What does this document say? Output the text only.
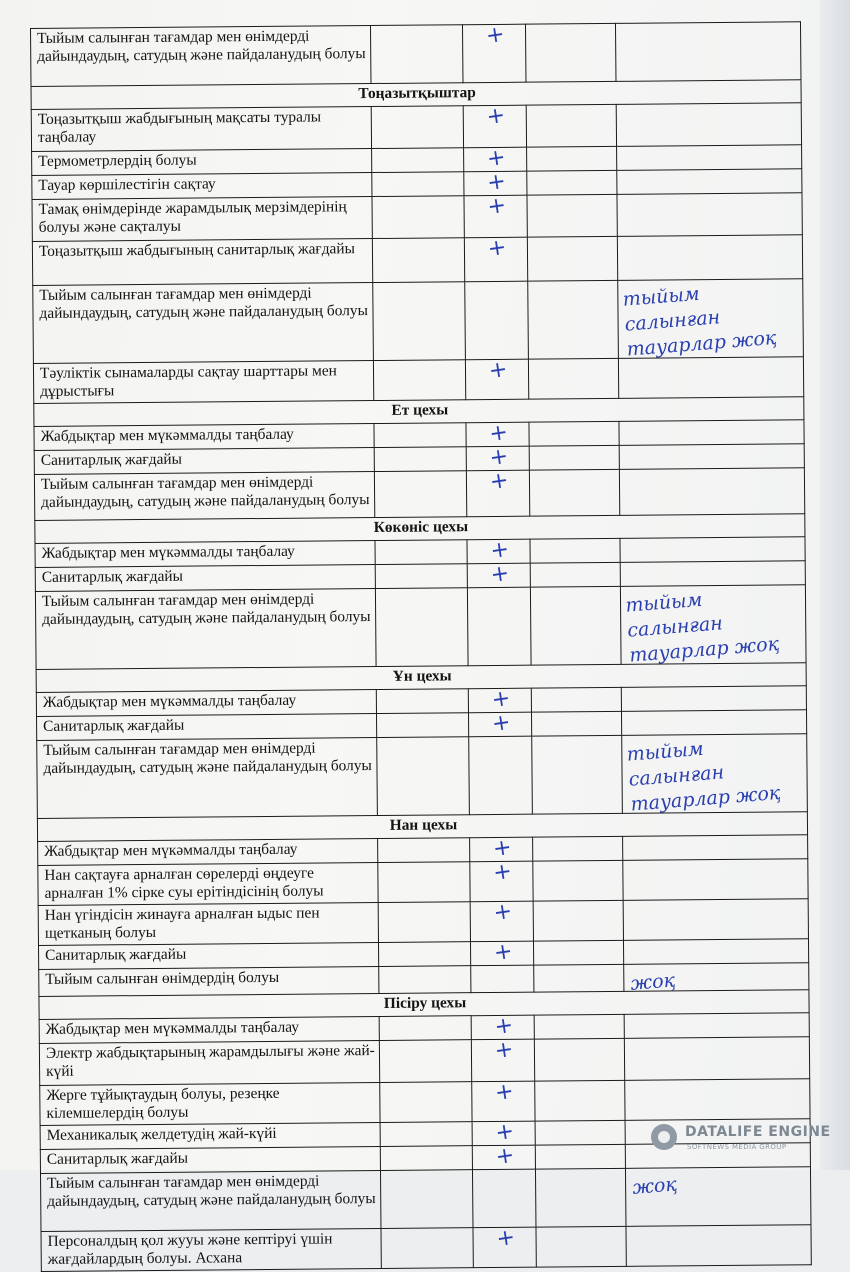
Тыйым салынған тағамдар мен өнімдерді дайындаудың, сатудың және пайдаланудың болуы		+		

Тоңазытқыштар				
Тоңазытқыш жабдығының мақсаты туралы таңбалау		+		

Термометрлердің болуы		+		

Тауар көршілестігін сақтау		+		

Тамақ өнімдерінде жарамдылық мерзімдерінің болуы және сақталуы		+		

Тоңазытқыш жабдығының санитарлық жағдайы		+		

Тыйым салынған тағамдар мен өнімдерді дайындаудың, сатудың және пайдаланудың болуы				тыйым салынған тауарлар жоқ

Тәуліктік сынамаларды сақтау шарттары мен дұрыстығы		+		

Ет цехы				
Жабдықтар мен мүкәммалды таңбалау		+		

Санитарлық жағдайы		+		

Тыйым салынған тағамдар мен өнімдерді дайындаудың, сатудың және пайдаланудың болуы		+		

Көкөніс цехы				
Жабдықтар мен мүкәммалды таңбалау		+		

Санитарлық жағдайы		+		

Тыйым салынған тағамдар мен өнімдерді дайындаудың, сатудың және пайдаланудың болуы				тыйым салынған тауарлар жоқ

Ұн цехы				
Жабдықтар мен мүкәммалды таңбалау		+		

Санитарлық жағдайы		+		

Тыйым салынған тағамдар мен өнімдерді дайындаудың, сатудың және пайдаланудың болуы				тыйым салынған тауарлар жоқ

Нан цехы				
Жабдықтар мен мүкәммалды таңбалау		+		

Нан сақтауға арналған сөрелерді өңдеуге арналған 1% сірке суы ерітіндісінің болуы		+		

Нан үгіндісін жинауға арналған ыдыс пен щетканың болуы		+		

Санитарлық жағдайы		+		

Тыйым салынған өнімдердің болуы				жоқ

Пісіру цехы				
Жабдықтар мен мүкәммалды таңбалау		+		

Электр жабдықтарының жарамдылығы және жай-күйі		+		

Жерге тұйықтаудың болуы, резеңке кілемшелердің болуы		+		

Механикалық желдетудің жай-күйі		+		

Санитарлық жағдайы		+		

Тыйым салынған тағамдар мен өнімдерді дайындаудың, сатудың және пайдаланудың болуы				жоқ

Персоналдың қол жууы және кептіруі үшін жағдайлардың болуы. Асхана		+		
DATALIFE ENGINE
SOFTNEWS MEDIA GROUP
